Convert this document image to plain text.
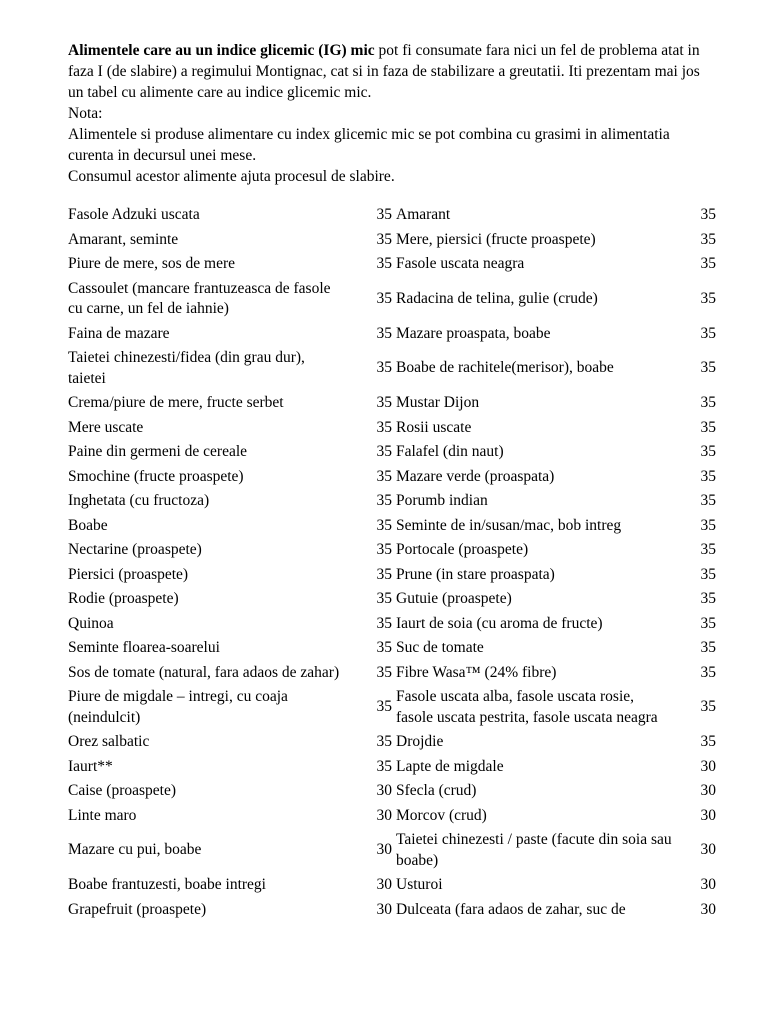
Alimentele care au un indice glicemic (IG) mic pot fi consumate fara nici un fel de problema atat in faza I (de slabire) a regimului Montignac, cat si in faza de stabilizare a greutatii. Iti prezentam mai jos un tabel cu alimente care au indice glicemic mic.
Nota:
Alimentele si produse alimentare cu index glicemic mic se pot combina cu grasimi in alimentatia curenta in decursul unei mese.
Consumul acestor alimente ajuta procesul de slabire.
Fasole Adzuki uscata	35	Amarant	35
Amarant, seminte	35	Mere, piersici (fructe proaspete)	35
Piure de mere, sos de mere	35	Fasole uscata neagra	35
Cassoulet (mancare frantuzeasca de fasole cu carne, un fel de iahnie)	35	Radacina de telina, gulie (crude)	35
Faina de mazare	35	Mazare proaspata, boabe	35
Taietei chinezesti/fidea (din grau dur), taietei	35	Boabe de rachitele(merisor), boabe	35
Crema/piure de mere, fructe serbet	35	Mustar Dijon	35
Mere uscate	35	Rosii uscate	35
Paine din germeni de cereale	35	Falafel (din naut)	35
Smochine (fructe proaspete)	35	Mazare verde (proaspata)	35
Inghetata (cu fructoza)	35	Porumb indian	35
Boabe	35	Seminte de in/susan/mac, bob intreg	35
Nectarine (proaspete)	35	Portocale (proaspete)	35
Piersici (proaspete)	35	Prune (in stare proaspata)	35
Rodie (proaspete)	35	Gutuie (proaspete)	35
Quinoa	35	Iaurt de soia (cu aroma de fructe)	35
Seminte floarea-soarelui	35	Suc de tomate	35
Sos de tomate (natural, fara adaos de zahar)	35	Fibre Wasa™ (24% fibre)	35
Piure de migdale – intregi, cu coaja (neindulcit)	35	Fasole uscata alba, fasole uscata rosie, fasole uscata pestrita, fasole uscata neagra	35
Orez salbatic	35	Drojdie	35
Iaurt**	35	Lapte de migdale	30
Caise (proaspete)	30	Sfecla (crud)	30
Linte maro	30	Morcov (crud)	30
Mazare cu pui, boabe	30	Taietei chinezesti / paste (facute din soia sau boabe)	30
Boabe frantuzesti, boabe intregi	30	Usturoi	30
Grapefruit (proaspete)	30	Dulceata (fara adaos de zahar, suc de	30
